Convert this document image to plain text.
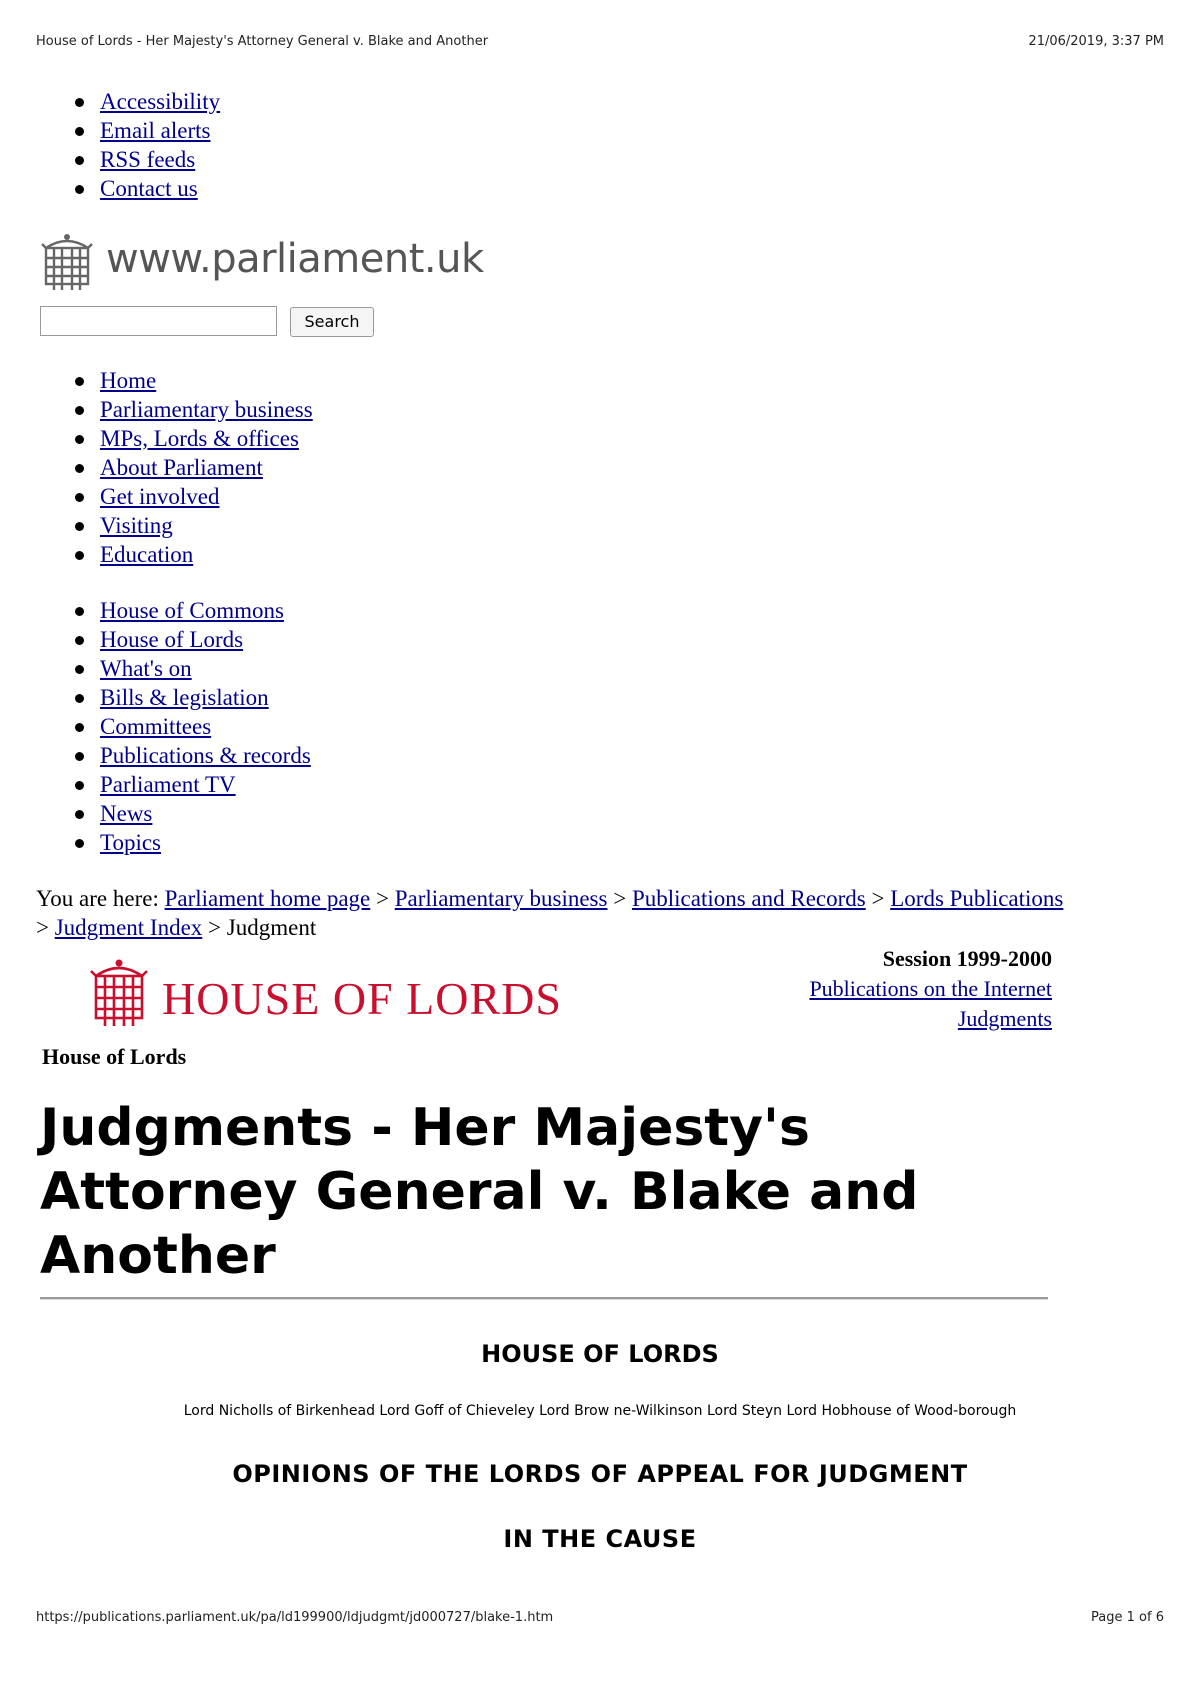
House of Lords - Her Majesty's Attorney General v. Blake and Another	21/06/2019, 3:37 PM
Accessibility
Email alerts
RSS feeds
Contact us
www.parliament.uk
Search
Home
Parliamentary business
MPs, Lords & offices
About Parliament
Get involved
Visiting
Education
House of Commons
House of Lords
What's on
Bills & legislation
Committees
Publications & records
Parliament TV
News
Topics
You are here: Parliament home page > Parliamentary business > Publications and Records > Lords Publications > Judgment Index > Judgment
HOUSE OF LORDS
Session 1999-2000
Publications on the Internet
Judgments
House of Lords
Judgments - Her Majesty's Attorney General v. Blake and Another
HOUSE OF LORDS
Lord Nicholls of Birkenhead Lord Goff of Chieveley Lord Brow ne-Wilkinson Lord Steyn Lord Hobhouse of Wood-borough
OPINIONS OF THE LORDS OF APPEAL FOR JUDGMENT
IN THE CAUSE
https://publications.parliament.uk/pa/ld199900/ldjudgmt/jd000727/blake-1.htm	Page 1 of 6
